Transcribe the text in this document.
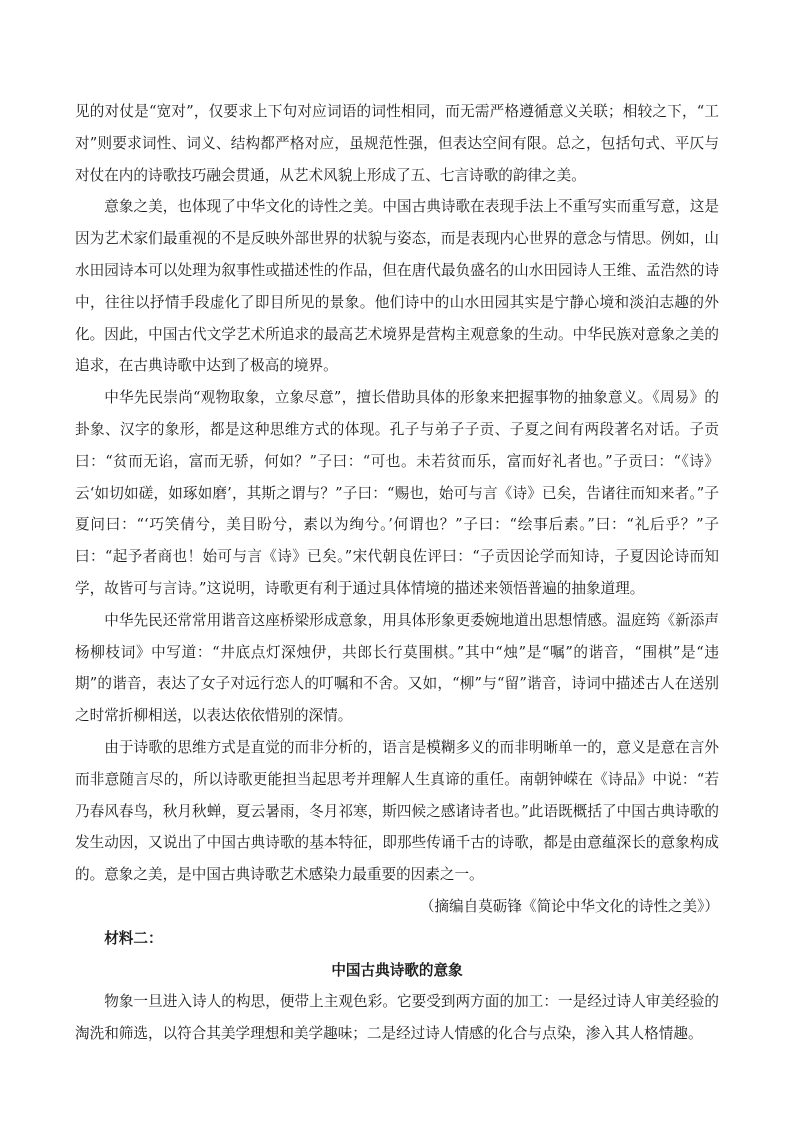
见的对仗是“宽对”，仅要求上下句对应词语的词性相同，而无需严格遵循意义关联；相较之下，“工对”则要求词性、词义、结构都严格对应，虽规范性强，但表达空间有限。总之，包括句式、平仄与对仗在内的诗歌技巧融会贯通，从艺术风貌上形成了五、七言诗歌的韵律之美。

意象之美，也体现了中华文化的诗性之美。中国古典诗歌在表现手法上不重写实而重写意，这是因为艺术家们最重视的不是反映外部世界的状貌与姿态，而是表现内心世界的意念与情思。例如，山水田园诗本可以处理为叙事性或描述性的作品，但在唐代最负盛名的山水田园诗人王维、孟浩然的诗中，往往以抒情手段虚化了即目所见的景象。他们诗中的山水田园其实是宁静心境和淡泊志趣的外化。因此，中国古代文学艺术所追求的最高艺术境界是营构主观意象的生动。中华民族对意象之美的追求，在古典诗歌中达到了极高的境界。

中华先民崇尚“观物取象，立象尽意”，擅长借助具体的形象来把握事物的抽象意义。《周易》的卦象、汉字的象形，都是这种思维方式的体现。孔子与弟子子贡、子夏之间有两段著名对话。子贡曰：“贫而无谄，富而无骄，何如？”子曰：“可也。未若贫而乐，富而好礼者也。”子贡曰：“《诗》云‘如切如磋，如琢如磨’，其斯之谓与？”子曰：“赐也，始可与言《诗》已矣，告诸往而知来者。”子夏问曰：“‘巧笑倩兮，美目盼兮，素以为绚兮。’何谓也？”子曰：“绘事后素。”曰：“礼后乎？”子曰：“起予者商也！始可与言《诗》已矣。”宋代朝良佐评曰：“子贡因论学而知诗，子夏因论诗而知学，故皆可与言诗。”这说明，诗歌更有利于通过具体情境的描述来领悟普遍的抽象道理。

中华先民还常常用谐音这座桥梁形成意象，用具体形象更委婉地道出思想情感。温庭筠《新添声杨柳枝词》中写道：“井底点灯深烛伊，共郎长行莫围棋。”其中“烛”是“嘱”的谐音，“围棋”是“违期”的谐音，表达了女子对远行恋人的叮嘱和不舍。又如，“柳”与“留”谐音，诗词中描述古人在送别之时常折柳相送，以表达依依惜别的深情。

由于诗歌的思维方式是直觉的而非分析的，语言是模糊多义的而非明晰单一的，意义是意在言外而非意随言尽的，所以诗歌更能担当起思考并理解人生真谛的重任。南朝钟嵘在《诗品》中说：“若乃春风春鸟，秋月秋蝉，夏云暑雨，冬月祁寒，斯四候之感诸诗者也。”此语既概括了中国古典诗歌的发生动因，又说出了中国古典诗歌的基本特征，即那些传诵千古的诗歌，都是由意蕴深长的意象构成的。意象之美，是中国古典诗歌艺术感染力最重要的因素之一。

（摘编自莫砺锋《简论中华文化的诗性之美》）

材料二：

中国古典诗歌的意象

物象一旦进入诗人的构思，便带上主观色彩。它要受到两方面的加工：一是经过诗人审美经验的淘洗和筛选，以符合其美学理想和美学趣味；二是经过诗人情感的化合与点染，渗入其人格情趣。
